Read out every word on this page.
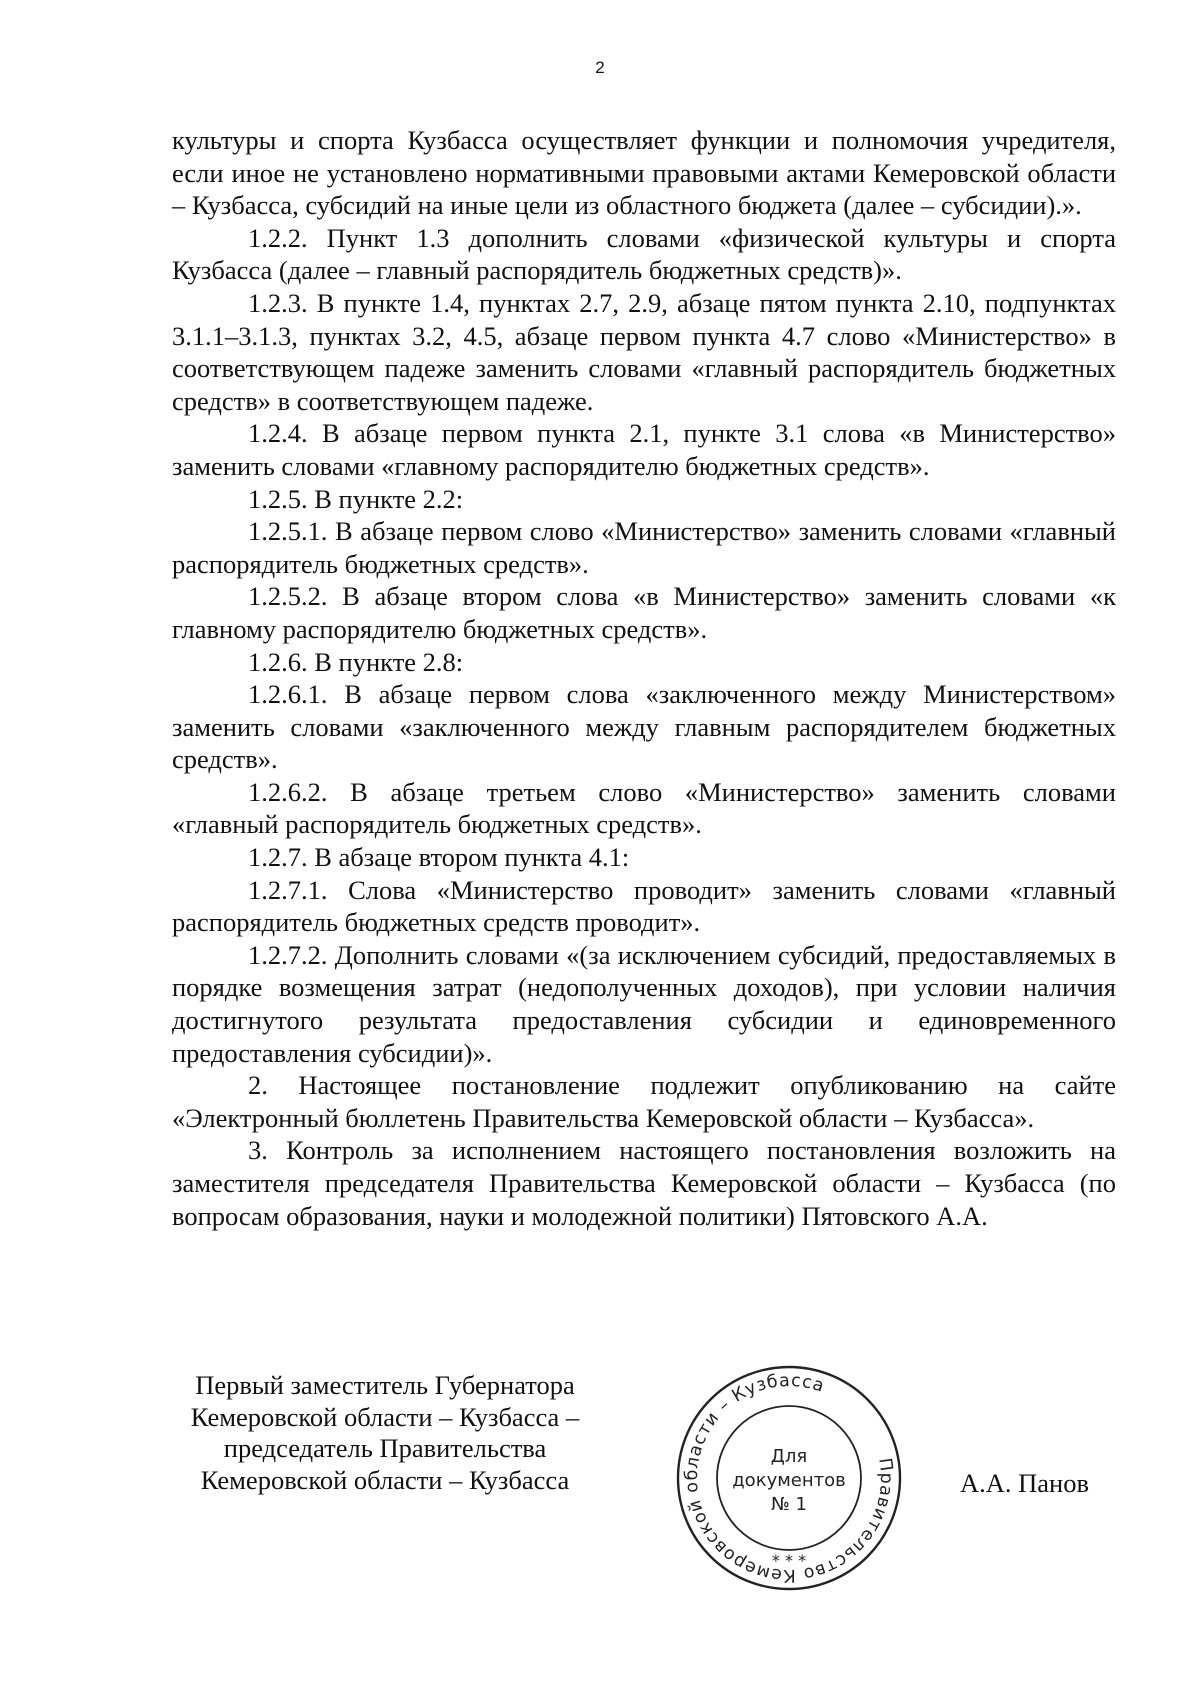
2

культуры и спорта Кузбасса осуществляет функции и полномочия учредителя, если иное не установлено нормативными правовыми актами Кемеровской области – Кузбасса, субсидий на иные цели из областного бюджета (далее – субсидии).».

1.2.2. Пункт 1.3 дополнить словами «физической культуры и спорта Кузбасса (далее – главный распорядитель бюджетных средств)».

1.2.3. В пункте 1.4, пунктах 2.7, 2.9, абзаце пятом пункта 2.10, подпунктах 3.1.1–3.1.3, пунктах 3.2, 4.5, абзаце первом пункта 4.7 слово «Министерство» в соответствующем падеже заменить словами «главный распорядитель бюджетных средств» в соответствующем падеже.

1.2.4. В абзаце первом пункта 2.1, пункте 3.1 слова «в Министерство» заменить словами «главному распорядителю бюджетных средств».

1.2.5. В пункте 2.2:

1.2.5.1. В абзаце первом слово «Министерство» заменить словами «главный распорядитель бюджетных средств».

1.2.5.2. В абзаце втором слова «в Министерство» заменить словами «к главному распорядителю бюджетных средств».

1.2.6. В пункте 2.8:

1.2.6.1. В абзаце первом слова «заключенного между Министерством» заменить словами «заключенного между главным распорядителем бюджетных средств».

1.2.6.2. В абзаце третьем слово «Министерство» заменить словами «главный распорядитель бюджетных средств».

1.2.7. В абзаце втором пункта 4.1:

1.2.7.1. Слова «Министерство проводит» заменить словами «главный распорядитель бюджетных средств проводит».

1.2.7.2. Дополнить словами «(за исключением субсидий, предоставляемых в порядке возмещения затрат (недополученных доходов), при условии наличия достигнутого результата предоставления субсидии и единовременного предоставления субсидии)».

2. Настоящее постановление подлежит опубликованию на сайте «Электронный бюллетень Правительства Кемеровской области – Кузбасса».

3. Контроль за исполнением настоящего постановления возложить на заместителя председателя Правительства Кемеровской области – Кузбасса (по вопросам образования, науки и молодежной политики) Пятовского А.А.

Первый заместитель Губернатора
Кемеровской области – Кузбасса –
председатель Правительства
Кемеровской области – Кузбасса	Правительство Кемеровской области – Кузбасса
Для
документов
№ 1
* * *
А.А. Панов
